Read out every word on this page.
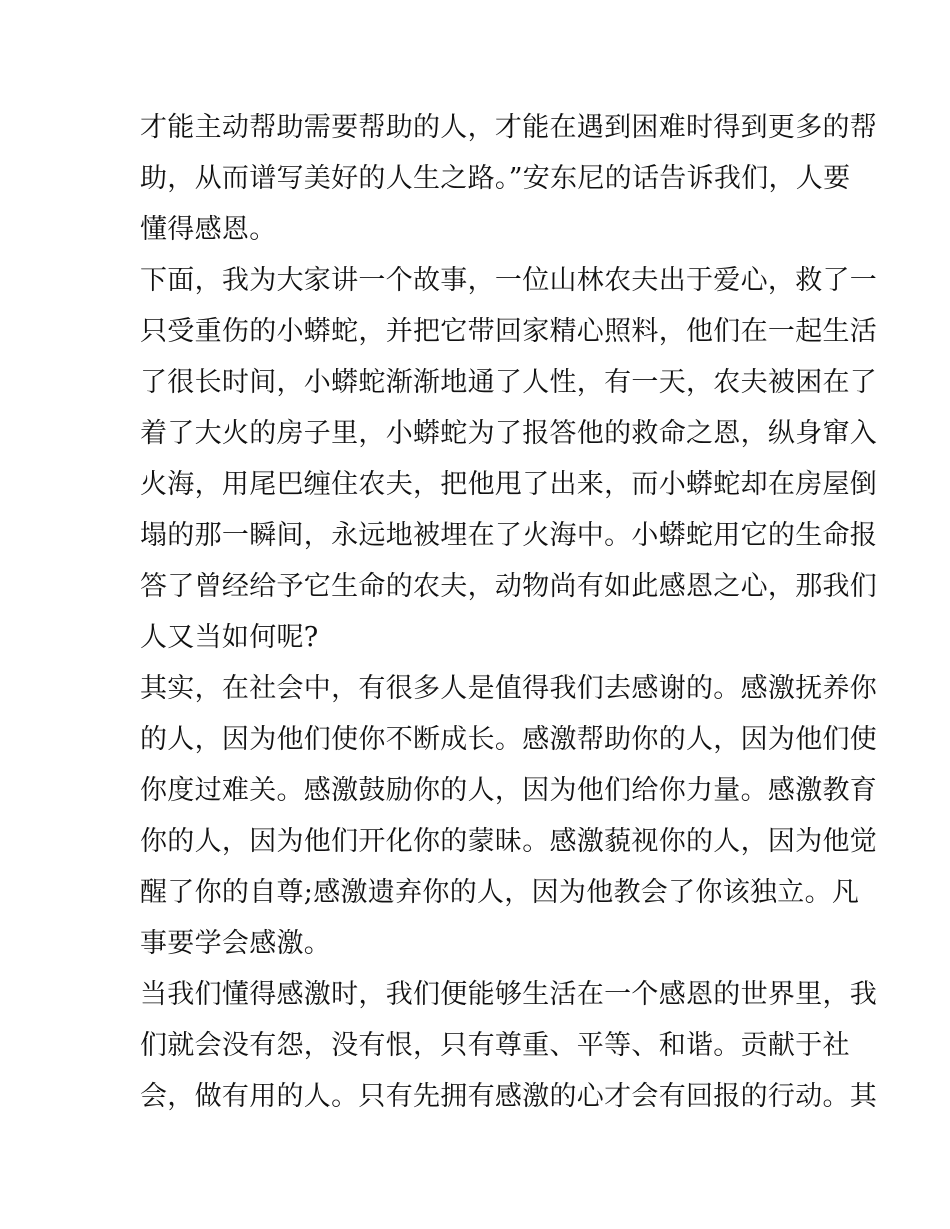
才能主动帮助需要帮助的人，才能在遇到困难时得到更多的帮
助，从而谱写美好的人生之路。”安东尼的话告诉我们，人要
懂得感恩。
下面，我为大家讲一个故事，一位山林农夫出于爱心，救了一
只受重伤的小蟒蛇，并把它带回家精心照料，他们在一起生活
了很长时间，小蟒蛇渐渐地通了人性，有一天，农夫被困在了
着了大火的房子里，小蟒蛇为了报答他的救命之恩，纵身窜入
火海，用尾巴缠住农夫，把他甩了出来，而小蟒蛇却在房屋倒
塌的那一瞬间，永远地被埋在了火海中。小蟒蛇用它的生命报
答了曾经给予它生命的农夫，动物尚有如此感恩之心，那我们
人又当如何呢?
其实，在社会中，有很多人是值得我们去感谢的。感激抚养你
的人，因为他们使你不断成长。感激帮助你的人，因为他们使
你度过难关。感激鼓励你的人，因为他们给你力量。感激教育
你的人，因为他们开化你的蒙昧。感激藐视你的人，因为他觉
醒了你的自尊;感激遗弃你的人，因为他教会了你该独立。凡
事要学会感激。
当我们懂得感激时，我们便能够生活在一个感恩的世界里，我
们就会没有怨，没有恨，只有尊重、平等、和谐。贡献于社
会，做有用的人。只有先拥有感激的心才会有回报的行动。其
